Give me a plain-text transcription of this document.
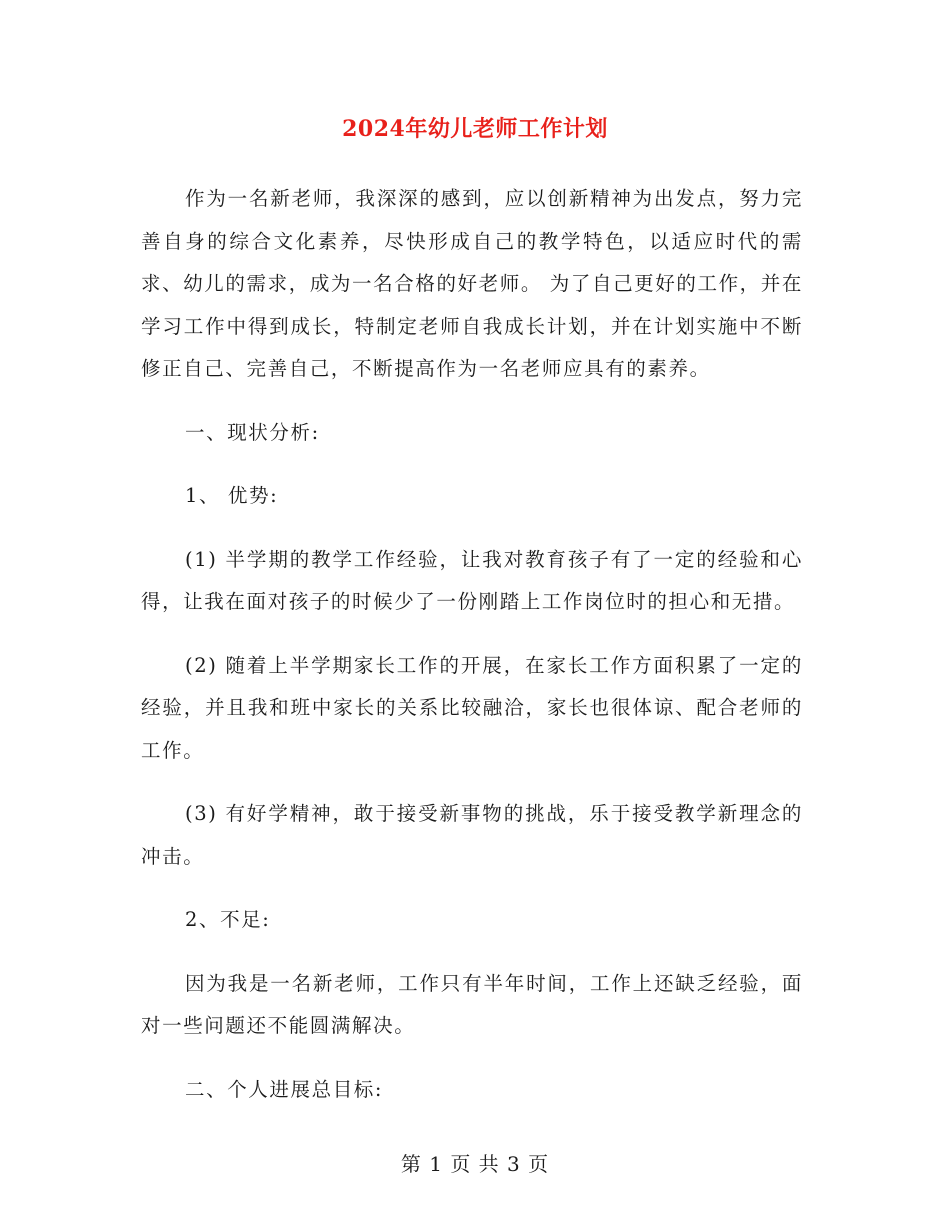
2024年幼儿老师工作计划

作为一名新老师，我深深的感到，应以创新精神为出发点，努力完善自身的综合文化素养，尽快形成自己的教学特色，以适应时代的需求、幼儿的需求，成为一名合格的好老师。 为了自己更好的工作，并在学习工作中得到成长，特制定老师自我成长计划，并在计划实施中不断修正自己、完善自己，不断提高作为一名老师应具有的素养。

一、现状分析:

1、 优势:

(1) 半学期的教学工作经验，让我对教育孩子有了一定的经验和心得，让我在面对孩子的时候少了一份刚踏上工作岗位时的担心和无措。

(2) 随着上半学期家长工作的开展，在家长工作方面积累了一定的经验，并且我和班中家长的关系比较融洽，家长也很体谅、配合老师的工作。

(3) 有好学精神，敢于接受新事物的挑战，乐于接受教学新理念的冲击。

2、不足:

因为我是一名新老师，工作只有半年时间，工作上还缺乏经验，面对一些问题还不能圆满解决。

二、个人进展总目标:

第 1 页 共 3 页
